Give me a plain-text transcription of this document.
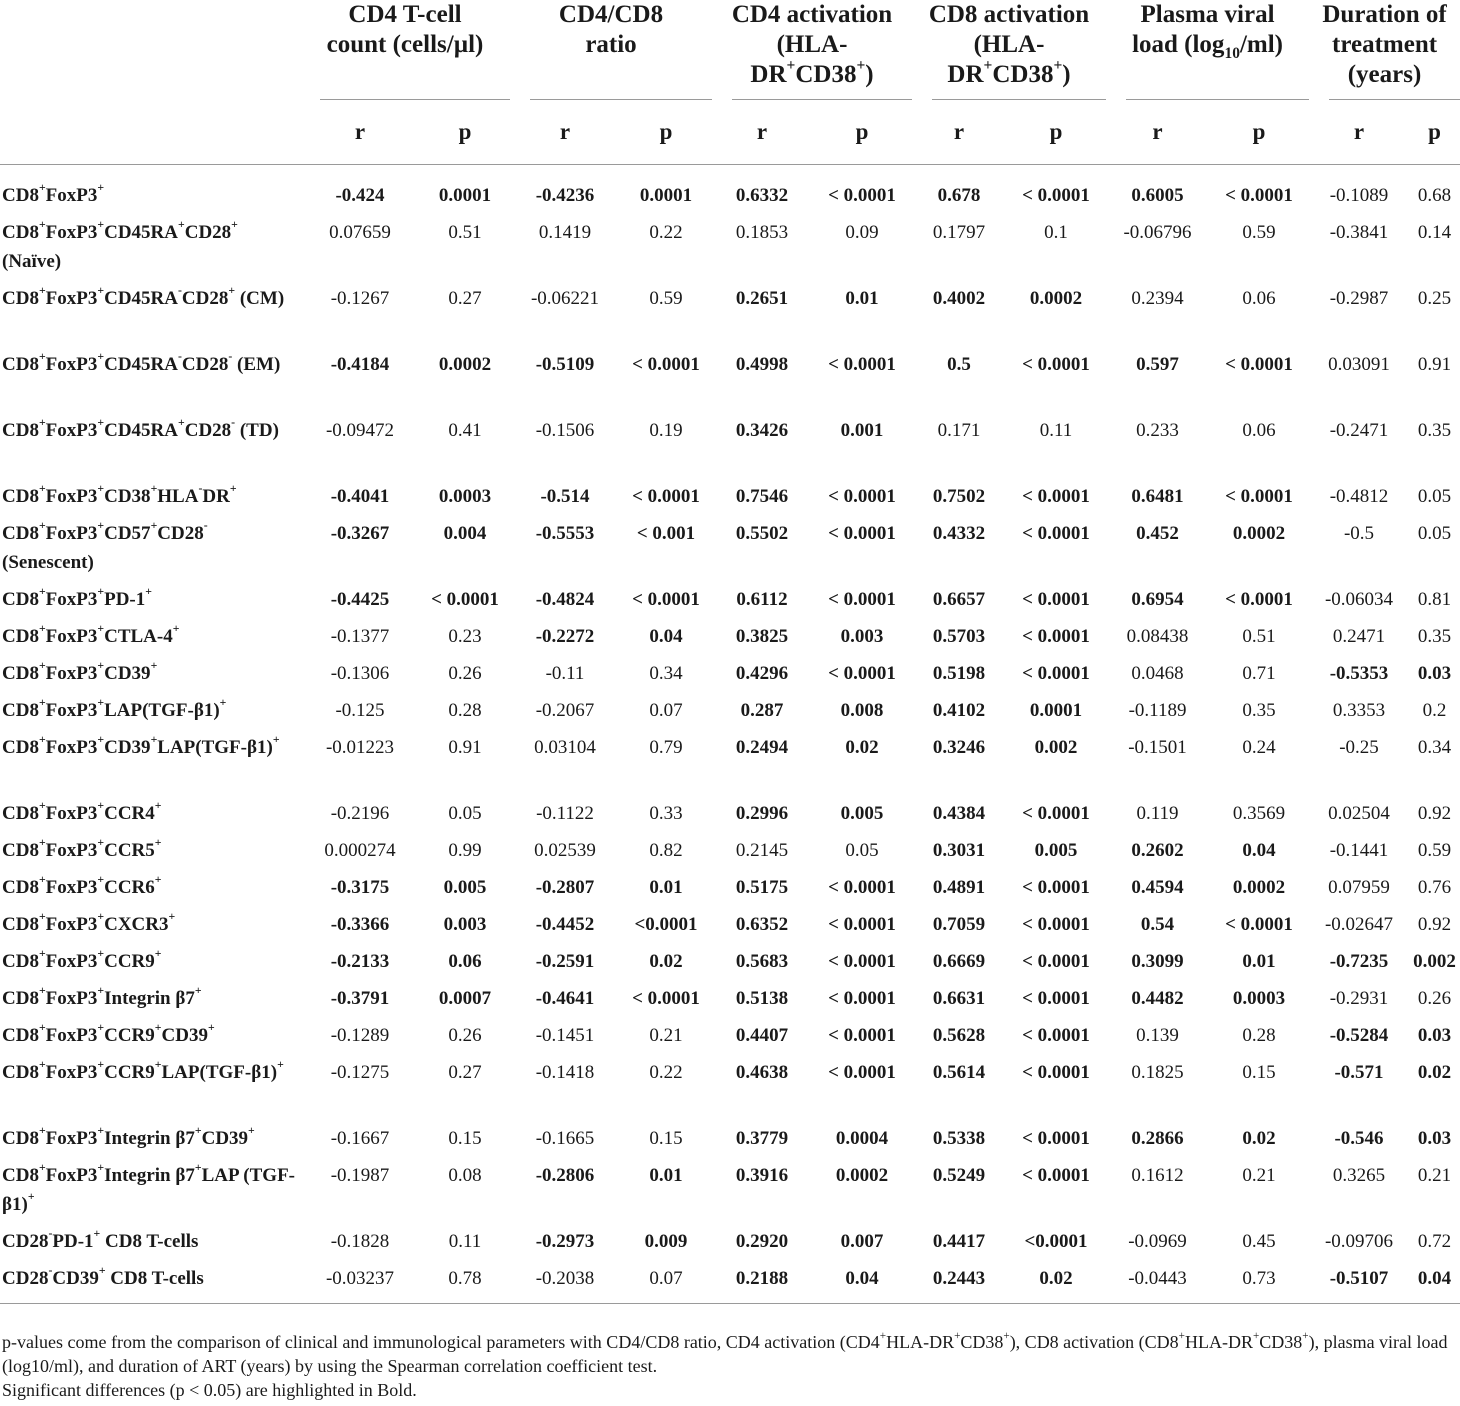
	CD4 T-cell
count (cells/µl)		CD4/CD8
ratio		CD4 activation
(HLA-
DR+CD38+)		CD8 activation
(HLA-
DR+CD38+)		Plasma viral
load $(\log_{10}/ml)$		Duration of
treatment
(years)	

	r	p	r	p	r	p	r	p	r	p	r	p
CD8+FoxP3+	-0.424	0.0001	-0.4236	0.0001	0.6332	< 0.0001	0.678	< 0.0001	0.6005	< 0.0001	-0.1089	0.68
CD8+FoxP3+CD45RA+CD28+ (Naïve)	0.07659	0.51	0.1419	0.22	0.1853	0.09	0.1797	0.1	-0.06796	0.59	-0.3841	0.14
CD8+FoxP3+CD45RA-CD28+ (CM)	-0.1267	0.27	-0.06221	0.59	0.2651	0.01	0.4002	0.0002	0.2394	0.06	-0.2987	0.25
CD8+FoxP3+CD45RA-CD28- (EM)	-0.4184	0.0002	-0.5109	< 0.0001	0.4998	< 0.0001	0.5	< 0.0001	0.597	< 0.0001	0.03091	0.91
CD8+FoxP3+CD45RA+CD28- (TD)	-0.09472	0.41	-0.1506	0.19	0.3426	0.001	0.171	0.11	0.233	0.06	-0.2471	0.35
CD8+FoxP3+CD38+HLA-DR+	-0.4041	0.0003	-0.514	< 0.0001	0.7546	< 0.0001	0.7502	< 0.0001	0.6481	< 0.0001	-0.4812	0.05
CD8+FoxP3+CD57+CD28- (Senescent)	-0.3267	0.004	-0.5553	< 0.001	0.5502	< 0.0001	0.4332	< 0.0001	0.452	0.0002	-0.5	0.05
CD8+FoxP3+PD-1+	-0.4425	< 0.0001	-0.4824	< 0.0001	0.6112	< 0.0001	0.6657	< 0.0001	0.6954	< 0.0001	-0.06034	0.81
CD8+FoxP3+CTLA-4+	-0.1377	0.23	-0.2272	0.04	0.3825	0.003	0.5703	< 0.0001	0.08438	0.51	0.2471	0.35
CD8+FoxP3+CD39+	-0.1306	0.26	-0.11	0.34	0.4296	< 0.0001	0.5198	< 0.0001	0.0468	0.71	-0.5353	0.03
CD8+FoxP3+LAP(TGF-β1)+	-0.125	0.28	-0.2067	0.07	0.287	0.008	0.4102	0.0001	-0.1189	0.35	0.3353	0.2
CD8+FoxP3+CD39+LAP(TGF-β1)+	-0.01223	0.91	0.03104	0.79	0.2494	0.02	0.3246	0.002	-0.1501	0.24	-0.25	0.34
CD8+FoxP3+CCR4+	-0.2196	0.05	-0.1122	0.33	0.2996	0.005	0.4384	< 0.0001	0.119	0.3569	0.02504	0.92
CD8+FoxP3+CCR5+	0.000274	0.99	0.02539	0.82	0.2145	0.05	0.3031	0.005	0.2602	0.04	-0.1441	0.59
CD8+FoxP3+CCR6+	-0.3175	0.005	-0.2807	0.01	0.5175	< 0.0001	0.4891	< 0.0001	0.4594	0.0002	0.07959	0.76
CD8+FoxP3+CXCR3+	-0.3366	0.003	-0.4452	<0.0001	0.6352	< 0.0001	0.7059	< 0.0001	0.54	< 0.0001	-0.02647	0.92
CD8+FoxP3+CCR9+	-0.2133	0.06	-0.2591	0.02	0.5683	< 0.0001	0.6669	< 0.0001	0.3099	0.01	-0.7235	0.002
CD8+FoxP3+Integrin β7+	-0.3791	0.0007	-0.4641	< 0.0001	0.5138	< 0.0001	0.6631	< 0.0001	0.4482	0.0003	-0.2931	0.26
CD8+FoxP3+CCR9+CD39+	-0.1289	0.26	-0.1451	0.21	0.4407	< 0.0001	0.5628	< 0.0001	0.139	0.28	-0.5284	0.03
CD8+FoxP3+CCR9+LAP(TGF-β1)+	-0.1275	0.27	-0.1418	0.22	0.4638	< 0.0001	0.5614	< 0.0001	0.1825	0.15	-0.571	0.02
CD8+FoxP3+Integrin β7+CD39+	-0.1667	0.15	-0.1665	0.15	0.3779	0.0004	0.5338	< 0.0001	0.2866	0.02	-0.546	0.03
CD8+FoxP3+Integrin β7+LAP (TGF-β1)+	-0.1987	0.08	-0.2806	0.01	0.3916	0.0002	0.5249	< 0.0001	0.1612	0.21	0.3265	0.21
CD28-PD-1+ CD8 T-cells	-0.1828	0.11	-0.2973	0.009	0.2920	0.007	0.4417	<0.0001	-0.0969	0.45	-0.09706	0.72
CD28-CD39+ CD8 T-cells	-0.03237	0.78	-0.2038	0.07	0.2188	0.04	0.2443	0.02	-0.0443	0.73	-0.5107	0.04

p-values come from the comparison of clinical and immunological parameters with CD4/CD8 ratio, CD4 activation (CD4+HLA-DR+CD38+), CD8 activation (CD8+HLA-DR+CD38+), plasma viral load (log10/ml), and duration of ART (years) by using the Spearman correlation coefficient test.

Significant differences (p < 0.05) are highlighted in Bold.
